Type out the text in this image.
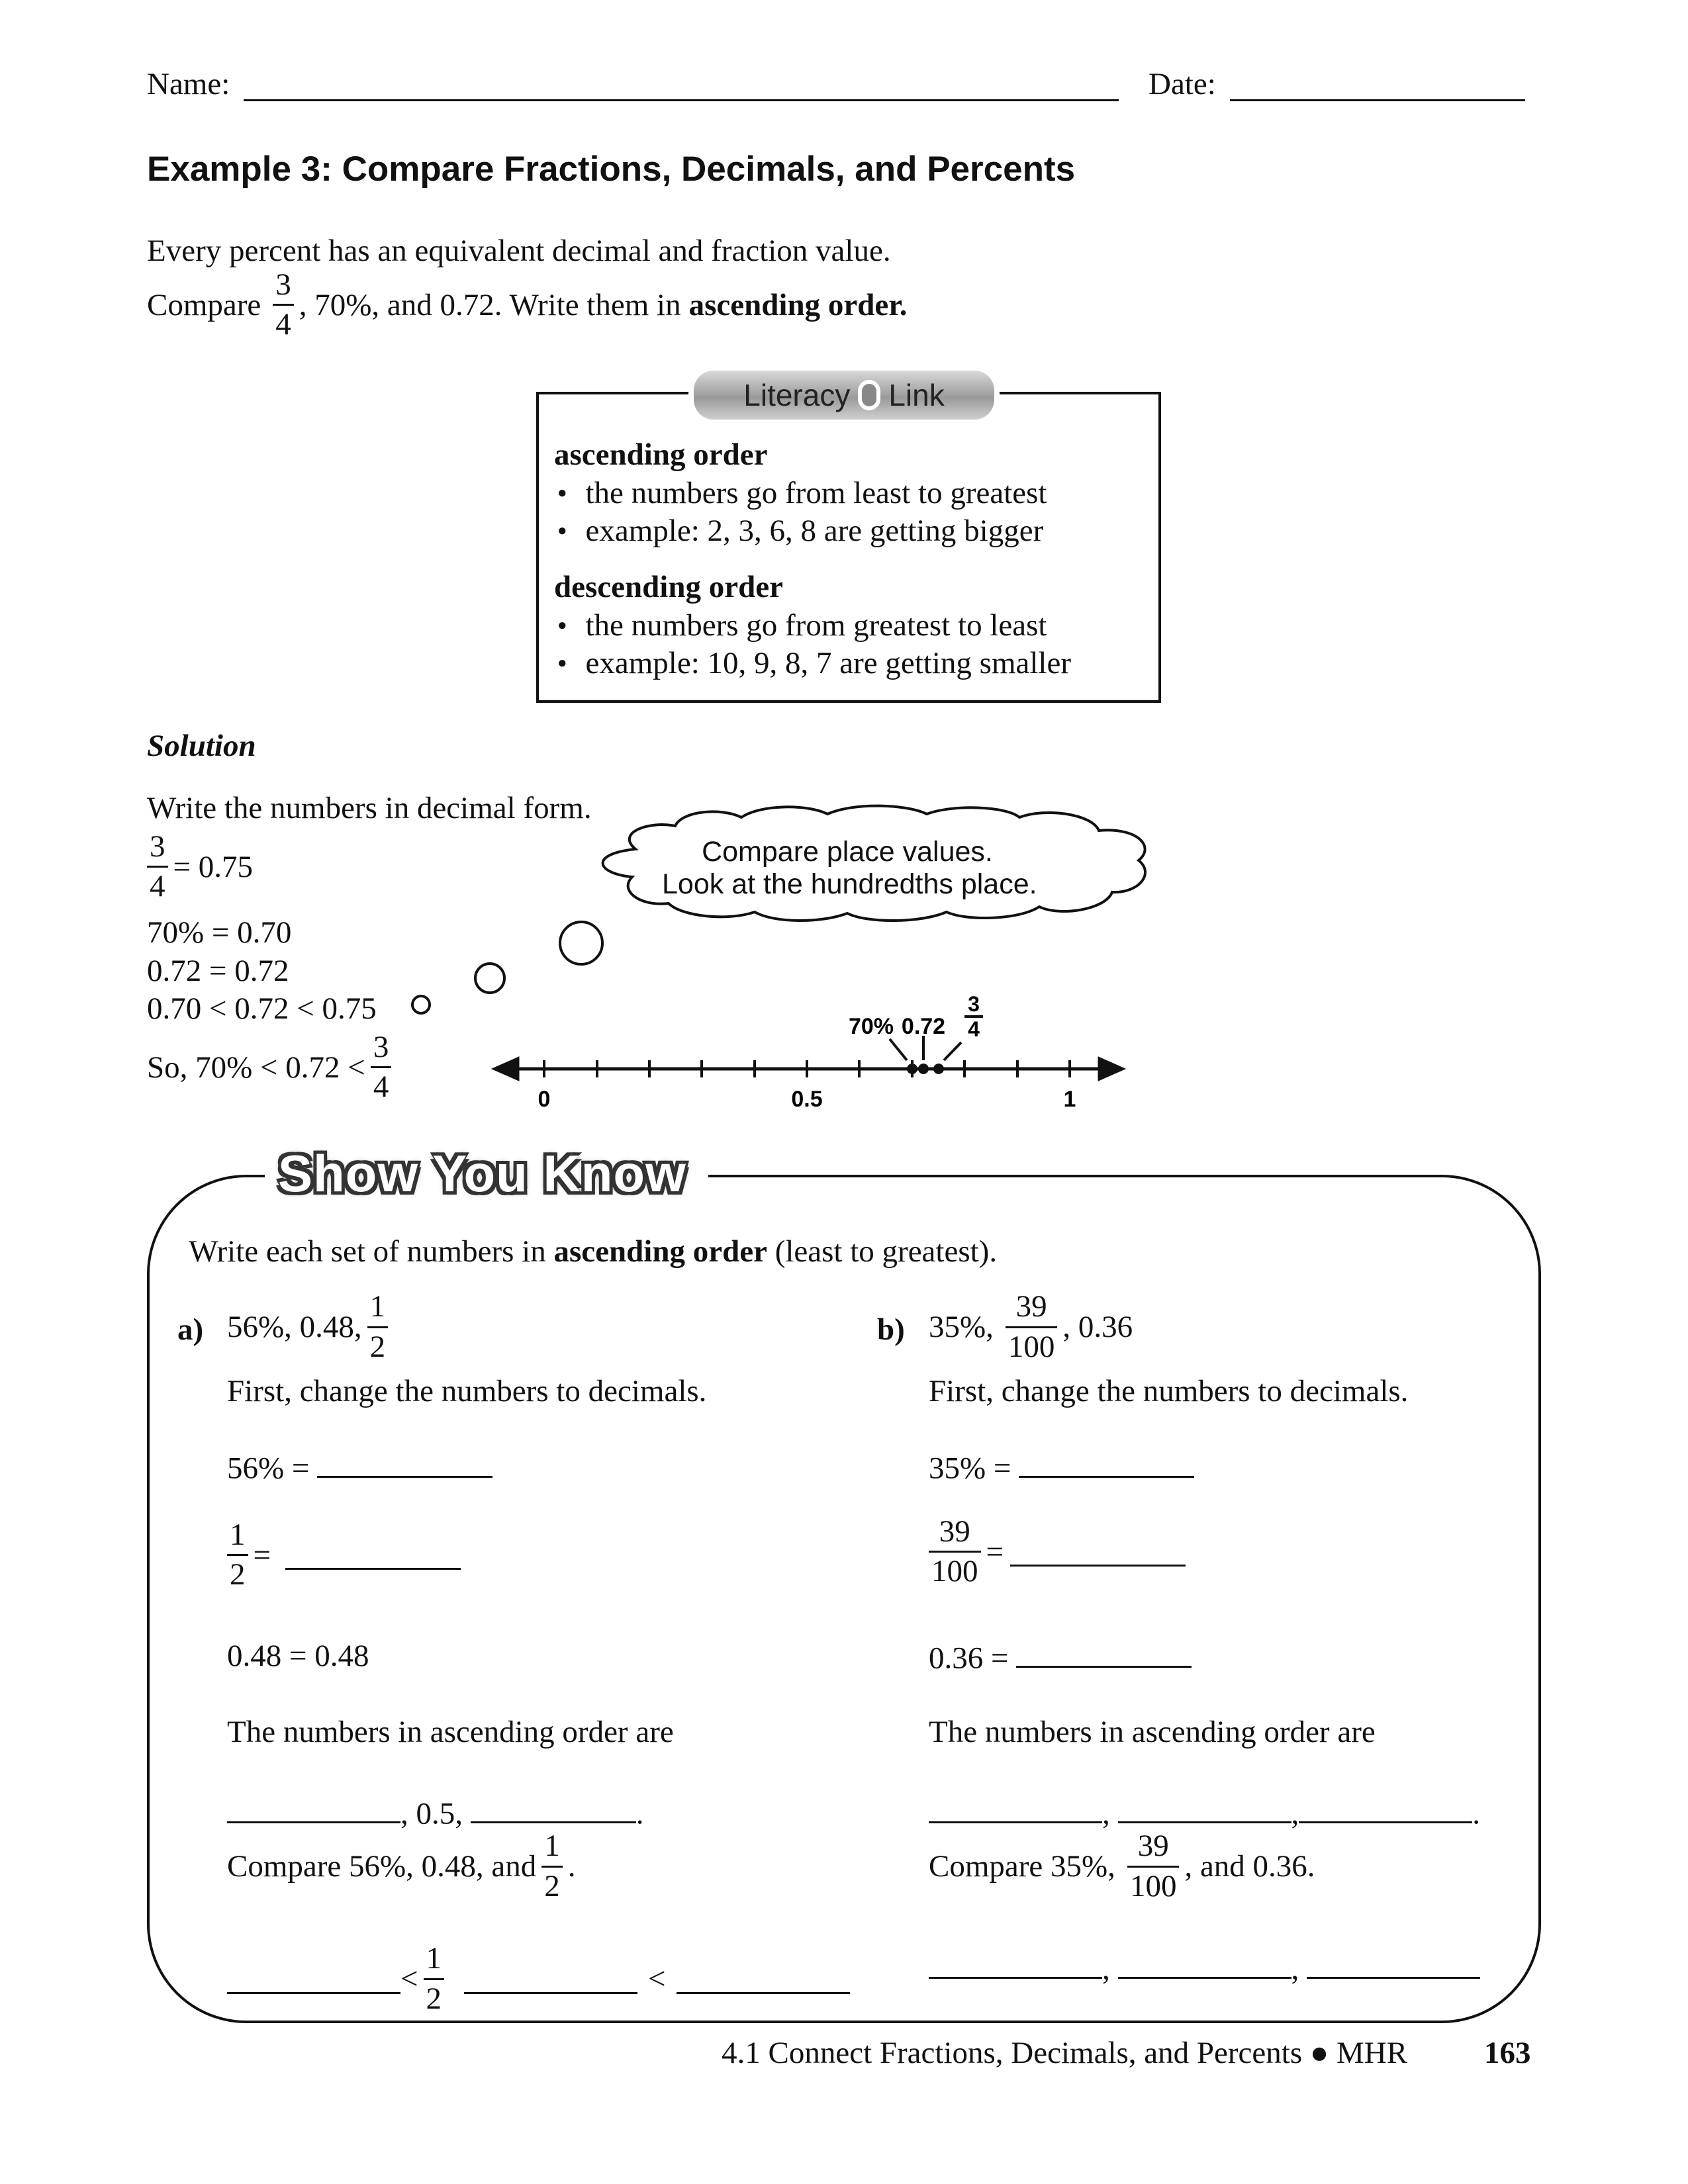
Name:	Date:
Example 3: Compare Fractions, Decimals, and Percents
Every percent has an equivalent decimal and fraction value.
Compare $\frac{3}{4}$ , 70%, and 0.72. Write them in ascending order.
Literacy Link
ascending order
● the numbers go from least to greatest
● example: 2, 3, 6, 8 are getting bigger
descending order
● the numbers go from greatest to least
● example: 10, 9, 8, 7 are getting smaller
Solution
Write the numbers in decimal form.
$\frac{3}{4} = 0.75$
70% = 0.70
0.72 = 0.72
0.70 < 0.72 < 0.75
So, $70\% < 0.72 < \frac{3}{4}$
Compare place values.
Look at the hundredths place.
70% 0.72
3
4
0	0.5	1
Show You Know
Write each set of numbers in ascending order (least to greatest).
a) 56%, 0.48, $\frac{1}{2}$
First, change the numbers to decimals.
56% =
$\frac{1}{2}$ =
0.48 = 0.48
The numbers in ascending order are
, 0.5,	.
Compare 56%, 0.48, and $\frac{1}{2}$ .
< $\frac{1}{2}$	<
b) 35%, $\frac{39}{100}$ , 0.36
First, change the numbers to decimals.
35% =
$\frac{39}{100}$ =
0.36 =
The numbers in ascending order are
,	,	.
Compare 35%, $\frac{39}{100}$ , and 0.36.
,	,
4.1 Connect Fractions, Decimals, and Percents ● MHR 163
